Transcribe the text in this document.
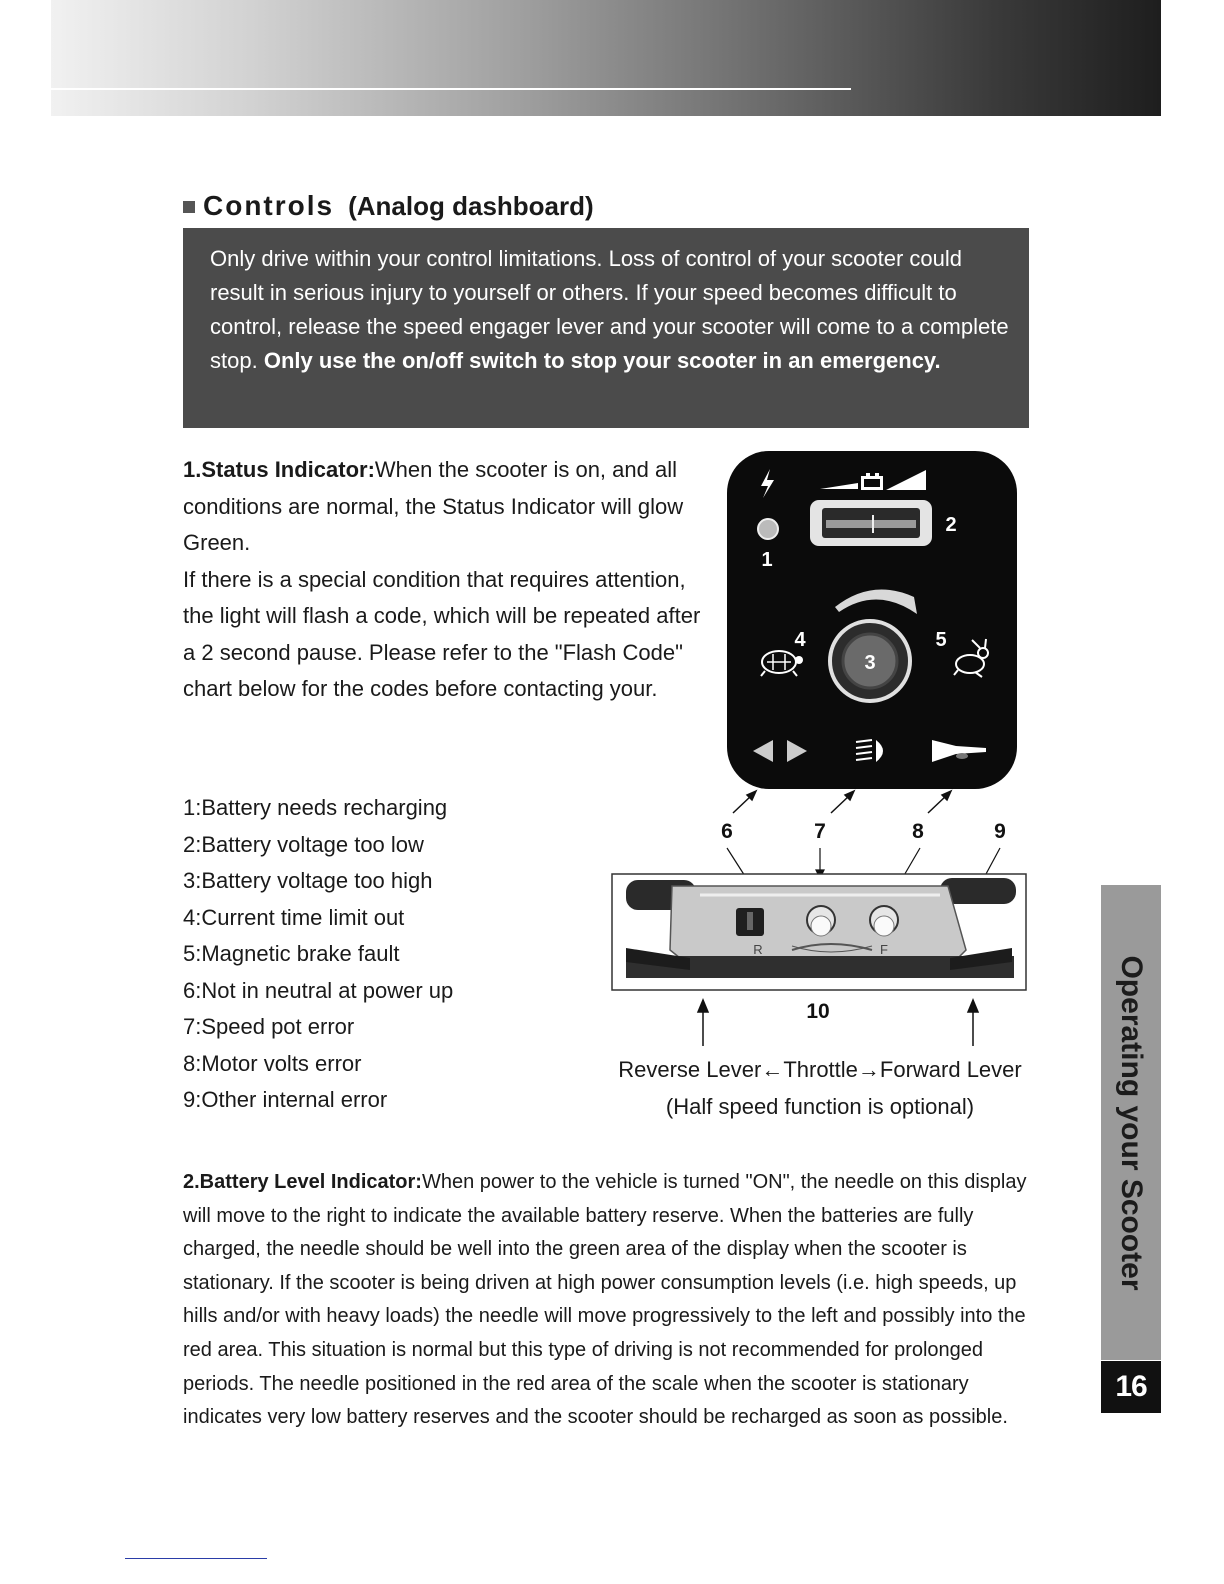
Controls (Analog dashboard)

Only drive within your control limitations. Loss of control of your scooter could result in serious injury to yourself or others. If your speed becomes difficult to control, release the speed engager lever and your scooter will come to a complete stop. Only use the on/off switch to stop your scooter in an emergency.

1.Status Indicator:When the scooter is on, and all conditions are normal, the Status Indicator will glow Green.

If there is a special condition that requires attention, the light will flash a code, which will be repeated after a 2 second pause. Please refer to the "Flash Code" chart below for the codes before contacting your.

1:Battery needs recharging
2:Battery voltage too low
3:Battery voltage too high
4:Current time limit out
5:Magnetic brake fault
6:Not in neutral at power up
7:Speed pot error
8:Motor volts error
9:Other internal error
1
2
3
4	5
6	7	8	9
R	F
10
Reverse Lever←Throttle→Forward Lever
(Half speed function is optional)

2.Battery Level Indicator:When power to the vehicle is turned "ON", the needle on this display will move to the right to indicate the available battery reserve. When the batteries are fully charged, the needle should be well into the green area of the display when the scooter is stationary. If the scooter is being driven at high power consumption levels (i.e. high speeds, up hills and/or with heavy loads) the needle will move progressively to the left and possibly into the red area. This situation is normal but this type of driving is not recommended for prolonged periods. The needle positioned in the red area of the scale when the scooter is stationary indicates very low battery reserves and the scooter should be recharged as soon as possible.

Operating your Scooter
16
